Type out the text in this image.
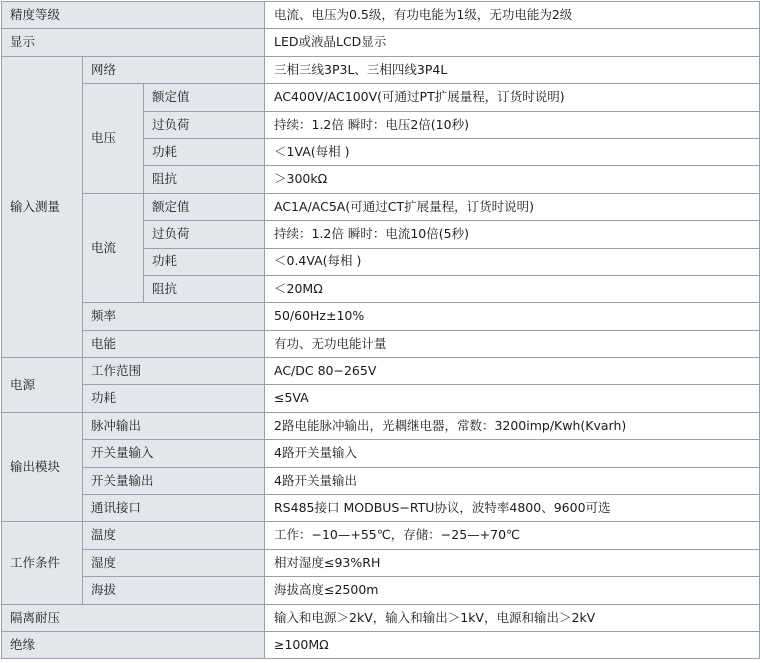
精度等级			电流、电压为0.5级，有功电能为1级，无功电能为2级
显示			LED或液晶LCD显示
输入测量	网络		三相三线3P3L、三相四线3P4L
	电压	额定值	AC400V/AC100V(可通过PT扩展量程，订货时说明)
		过负荷	持续：1.2倍 瞬时：电压2倍(10秒)
		功耗	＜1VA(每相 )
		阻抗	＞300kΩ
	电流	额定值	AC1A/AC5A(可通过CT扩展量程，订货时说明)
		过负荷	持续：1.2倍 瞬时：电流10倍(5秒)
		功耗	＜0.4VA(每相 )
		阻抗	＜20MΩ
	频率		50/60Hz±10%
	电能		有功、无功电能计量
电源	工作范围		AC/DC 80−265V
	功耗		≤5VA
输出模块	脉冲输出		2路电能脉冲输出，光耦继电器，常数：3200imp/Kwh(Kvarh)
	开关量输入		4路开关量输入
	开关量输出		4路开关量输出
	通讯接口		RS485接口 MODBUS−RTU协议，波特率4800、9600可选
工作条件	温度		工作：−10—+55℃，存储：−25—+70℃
	湿度		相对湿度≤93%RH
	海拔		海拔高度≤2500m
隔离耐压			输入和电源＞2kV，输入和输出＞1kV，电源和输出＞2kV
绝缘			≥100MΩ
